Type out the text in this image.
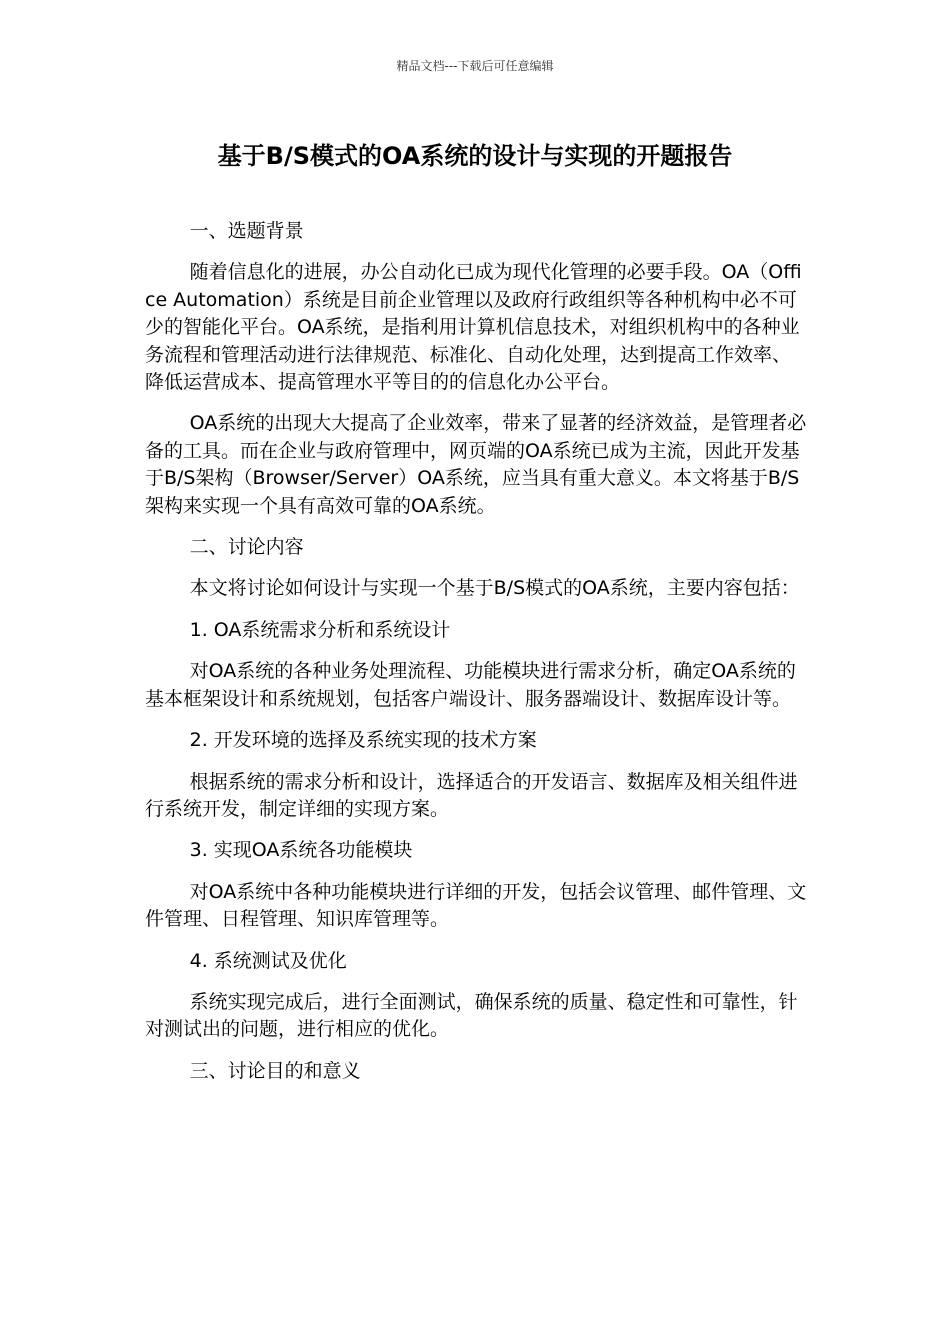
精品文档---下载后可任意编辑
基于B/S模式的OA系统的设计与实现的开题报告

一、选题背景

随着信息化的进展，办公自动化已成为现代化管理的必要手段。OA（Office Automation）系统是目前企业管理以及政府行政组织等各种机构中必不可少的智能化平台。OA系统，是指利用计算机信息技术，对组织机构中的各种业务流程和管理活动进行法律规范、标准化、自动化处理，达到提高工作效率、降低运营成本、提高管理水平等目的的信息化办公平台。

OA系统的出现大大提高了企业效率，带来了显著的经济效益，是管理者必备的工具。而在企业与政府管理中，网页端的OA系统已成为主流，因此开发基于B/S架构（Browser/Server）OA系统，应当具有重大意义。本文将基于B/S架构来实现一个具有高效可靠的OA系统。

二、讨论内容

本文将讨论如何设计与实现一个基于B/S模式的OA系统，主要内容包括：

1. OA系统需求分析和系统设计

对OA系统的各种业务处理流程、功能模块进行需求分析，确定OA系统的基本框架设计和系统规划，包括客户端设计、服务器端设计、数据库设计等。

2. 开发环境的选择及系统实现的技术方案

根据系统的需求分析和设计，选择适合的开发语言、数据库及相关组件进行系统开发，制定详细的实现方案。

3. 实现OA系统各功能模块

对OA系统中各种功能模块进行详细的开发，包括会议管理、邮件管理、文件管理、日程管理、知识库管理等。

4. 系统测试及优化

系统实现完成后，进行全面测试，确保系统的质量、稳定性和可靠性，针对测试出的问题，进行相应的优化。

三、讨论目的和意义
